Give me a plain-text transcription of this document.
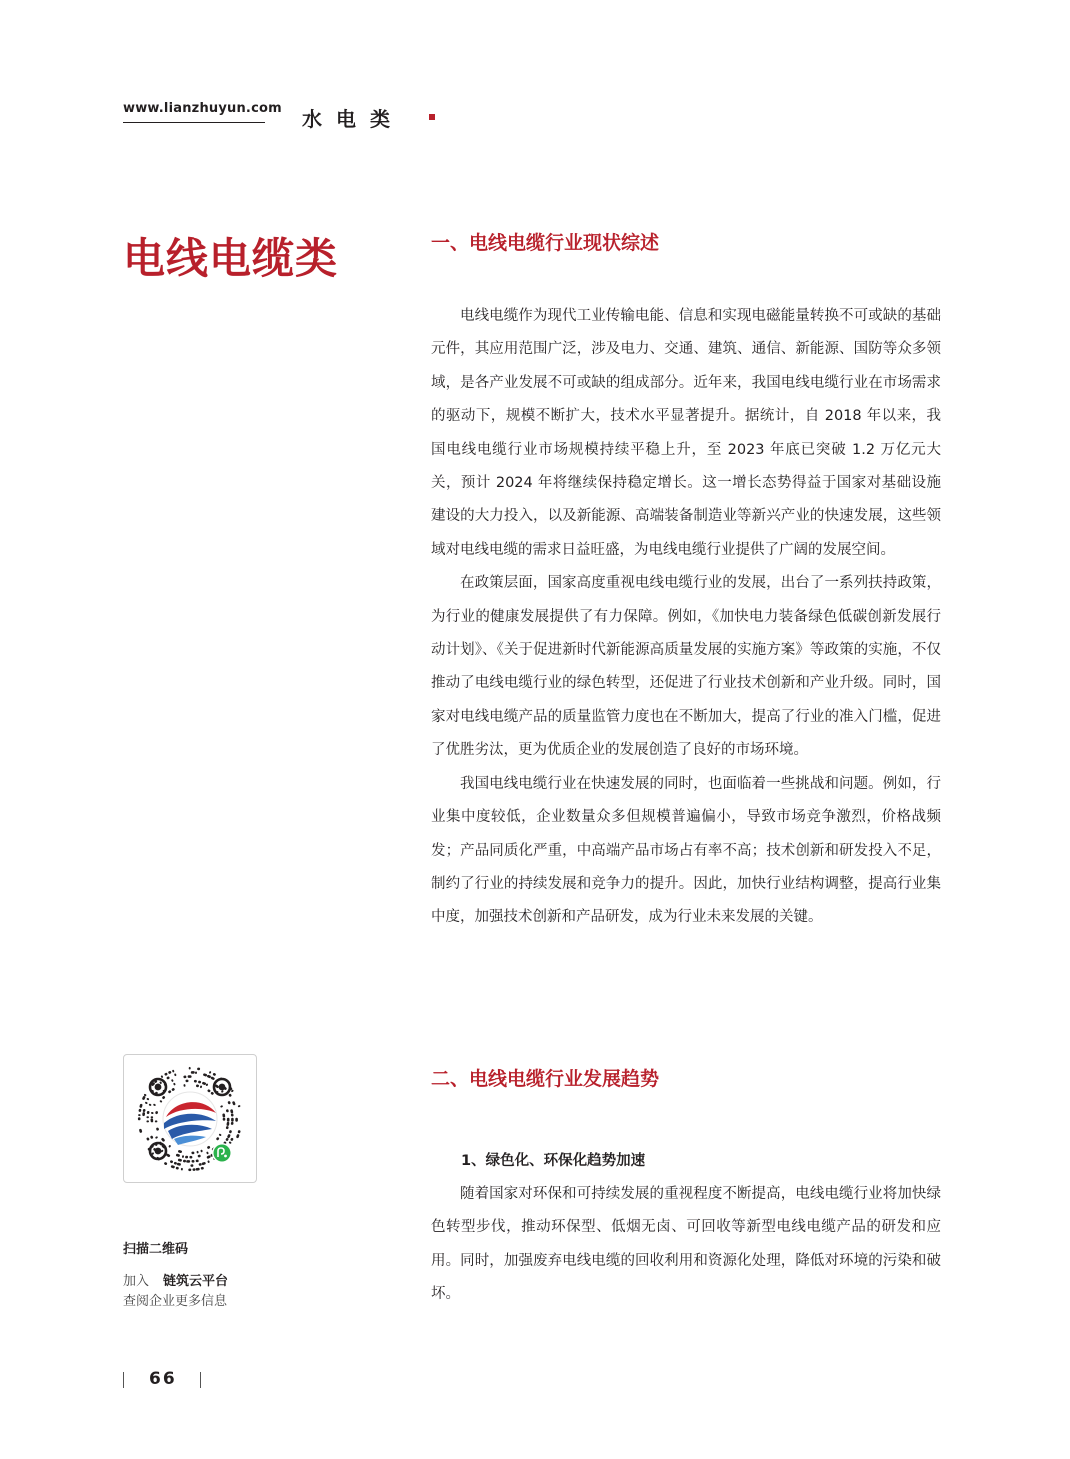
www.lianzhuyun.com 水电类
电线电缆类	一、电线电缆行业现状综述

电线电缆作为现代工业传输电能、信息和实现电磁能量转换不可或缺的基础元件，其应用范围广泛，涉及电力、交通、建筑、通信、新能源、国防等众多领域，是各产业发展不可或缺的组成部分。近年来，我国电线电缆行业在市场需求的驱动下，规模不断扩大，技术水平显著提升。据统计，自 2018 年以来，我国电线电缆行业市场规模持续平稳上升，至 2023 年底已突破 1.2 万亿元大关，预计 2024 年将继续保持稳定增长。这一增长态势得益于国家对基础设施建设的大力投入，以及新能源、高端装备制造业等新兴产业的快速发展，这些领域对电线电缆的需求日益旺盛，为电线电缆行业提供了广阔的发展空间。

在政策层面，国家高度重视电线电缆行业的发展，出台了一系列扶持政策，为行业的健康发展提供了有力保障。例如，《加快电力装备绿色低碳创新发展行动计划》、《关于促进新时代新能源高质量发展的实施方案》等政策的实施，不仅推动了电线电缆行业的绿色转型，还促进了行业技术创新和产业升级。同时，国家对电线电缆产品的质量监管力度也在不断加大，提高了行业的准入门槛，促进了优胜劣汰，更为优质企业的发展创造了良好的市场环境。

我国电线电缆行业在快速发展的同时，也面临着一些挑战和问题。例如，行业集中度较低，企业数量众多但规模普遍偏小，导致市场竞争激烈，价格战频发；产品同质化严重，中高端产品市场占有率不高；技术创新和研发投入不足，制约了行业的持续发展和竞争力的提升。因此，加快行业结构调整，提高行业集中度，加强技术创新和产品研发，成为行业未来发展的关键。

二、电线电缆行业发展趋势

1、绿色化、环保化趋势加速

随着国家对环保和可持续发展的重视程度不断提高，电线电缆行业将加快绿色转型步伐，推动环保型、低烟无卤、可回收等新型电线电缆产品的研发和应用。同时，加强废弃电线电缆的回收利用和资源化处理，降低对环境的污染和破坏。

扫描二维码
加入 链筑云平台
查阅企业更多信息
66
